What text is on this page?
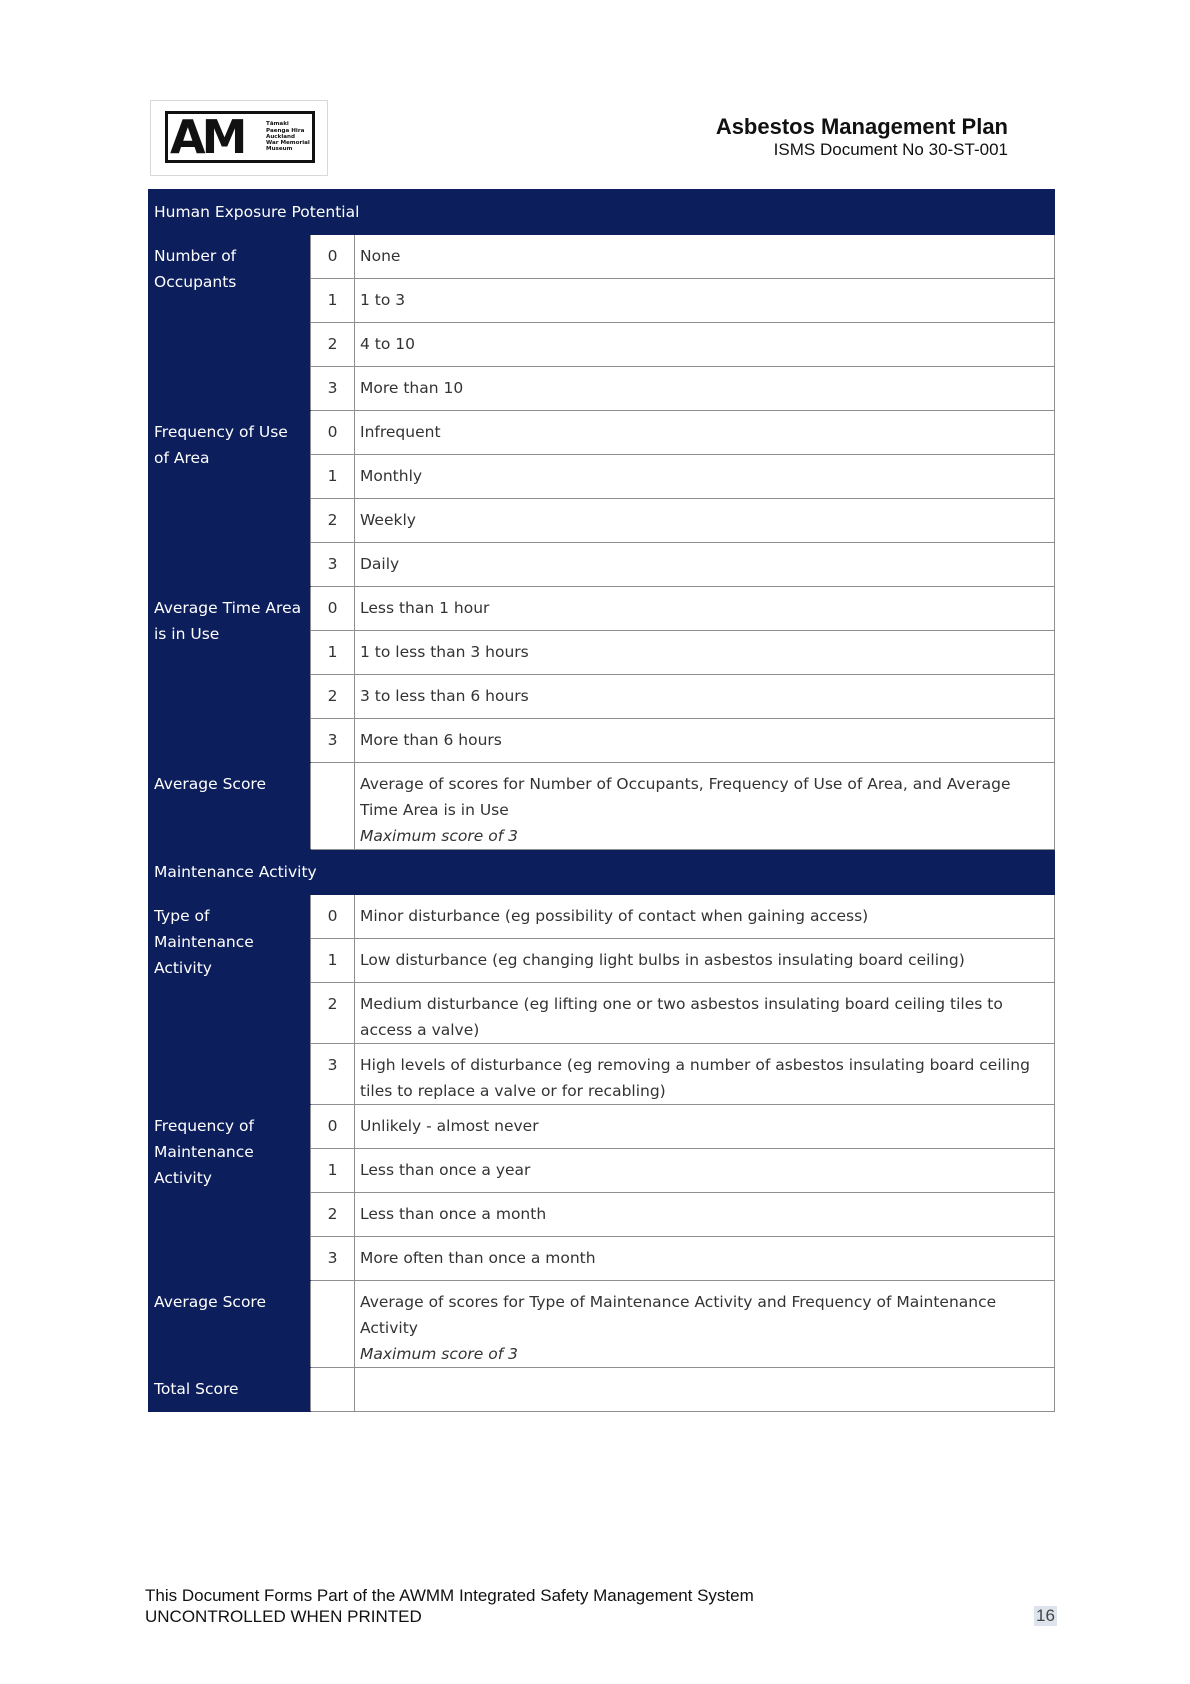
AM	Tāmaki
Paenga Hira
Auckland
War Memorial
Museum
Asbestos Management Plan
ISMS Document No 30-ST-001
Human Exposure Potential		
Number of Occupants	0	None
	1	1 to 3
	2	4 to 10
	3	More than 10
Frequency of Use of Area	0	Infrequent
	1	Monthly
	2	Weekly
	3	Daily
Average Time Area is in Use	0	Less than 1 hour
	1	1 to less than 3 hours
	2	3 to less than 6 hours
	3	More than 6 hours
Average Score		Average of scores for Number of Occupants, Frequency of Use of Area, and Average Time Area is in Use
Maximum score of 3

Maintenance Activity		
Type of Maintenance Activity	0	Minor disturbance (eg possibility of contact when gaining access)
	1	Low disturbance (eg changing light bulbs in asbestos insulating board ceiling)
	2	Medium disturbance (eg lifting one or two asbestos insulating board ceiling tiles to access a valve)
	3	High levels of disturbance (eg removing a number of asbestos insulating board ceiling tiles to replace a valve or for recabling)
Frequency of Maintenance Activity	0	Unlikely - almost never
	1	Less than once a year
	2	Less than once a month
	3	More often than once a month
Average Score		Average of scores for Type of Maintenance Activity and Frequency of Maintenance Activity
Maximum score of 3

Total Score		
This Document Forms Part of the AWMM Integrated Safety Management System
UNCONTROLLED WHEN PRINTED	16
